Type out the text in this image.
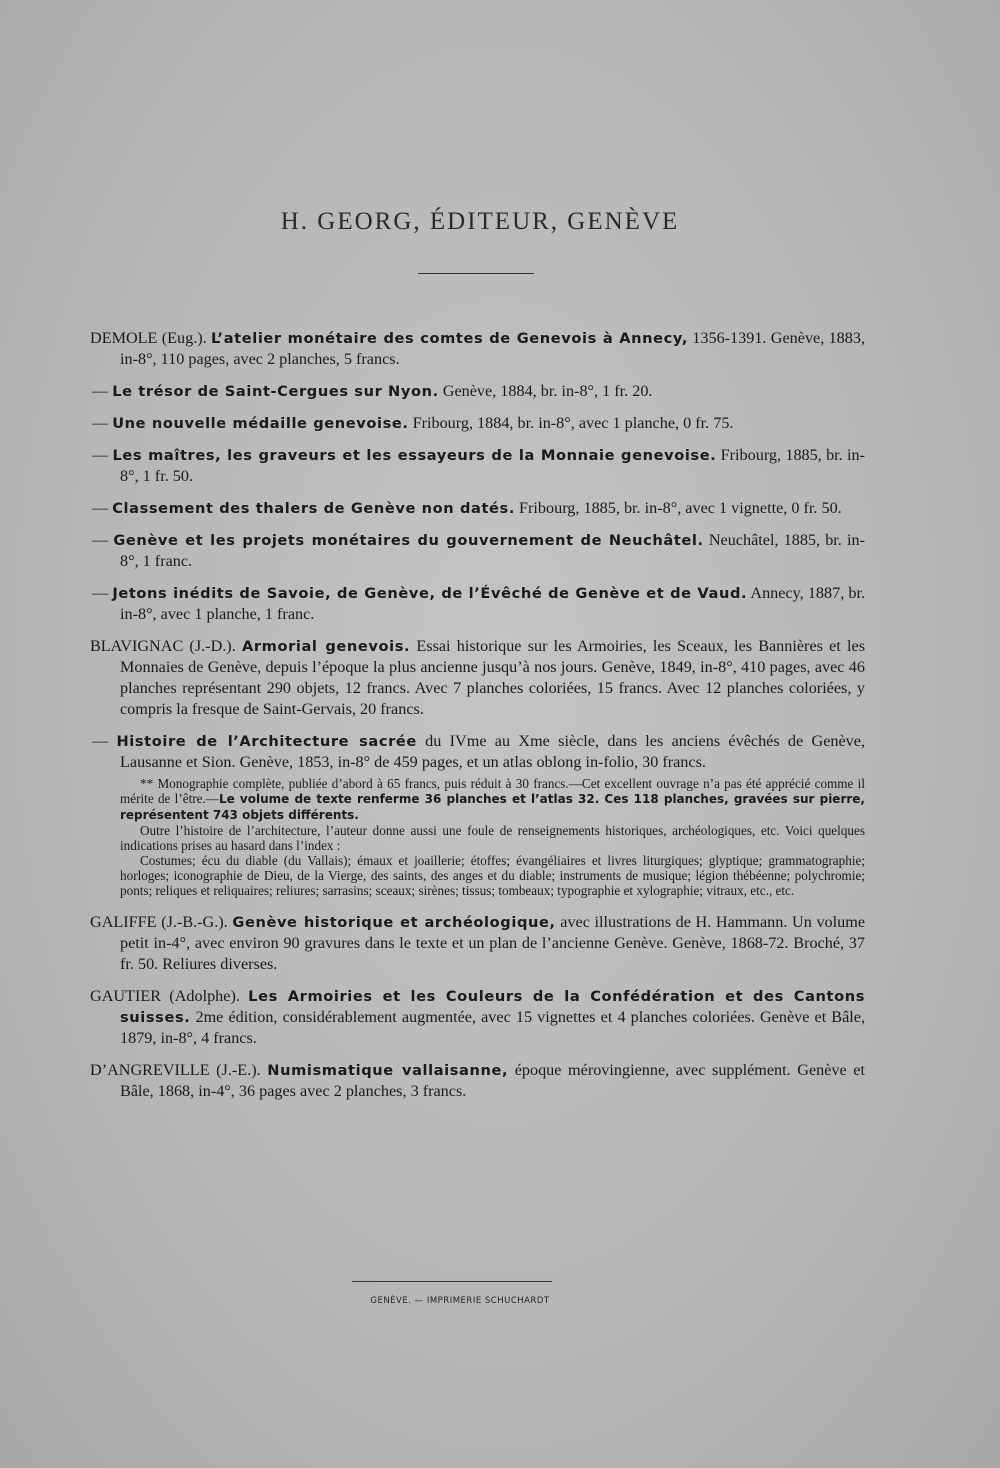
H. GEORG, ÉDITEUR, GENÈVE
DEMOLE (Eug.). L’atelier monétaire des comtes de Genevois à Annecy, 1356-1391. Genève, 1883, in-8°, 110 pages, avec 2 planches, 5 francs.
— Le trésor de Saint-Cergues sur Nyon. Genève, 1884, br. in-8°, 1 fr. 20.
— Une nouvelle médaille genevoise. Fribourg, 1884, br. in-8°, avec 1 planche, 0 fr. 75.
— Les maîtres, les graveurs et les essayeurs de la Monnaie genevoise. Fribourg, 1885, br. in-8°, 1 fr. 50.
— Classement des thalers de Genève non datés. Fribourg, 1885, br. in-8°, avec 1 vignette, 0 fr. 50.
— Genève et les projets monétaires du gouvernement de Neuchâtel. Neuchâtel, 1885, br. in-8°, 1 franc.
— Jetons inédits de Savoie, de Genève, de l’Évêché de Genève et de Vaud. Annecy, 1887, br. in-8°, avec 1 planche, 1 franc.
BLAVIGNAC (J.-D.). Armorial genevois. Essai historique sur les Armoiries, les Sceaux, les Bannières et les Monnaies de Genève, depuis l’époque la plus ancienne jusqu’à nos jours. Genève, 1849, in-8°, 410 pages, avec 46 planches représentant 290 objets, 12 francs. Avec 7 planches coloriées, 15 francs. Avec 12 planches coloriées, y compris la fresque de Saint-Gervais, 20 francs.
— Histoire de l’Architecture sacrée du IVme au Xme siècle, dans les anciens évêchés de Genève, Lausanne et Sion. Genève, 1853, in-8° de 459 pages, et un atlas oblong in-folio, 30 francs.

** Monographie complète, publiée d’abord à 65 francs, puis réduit à 30 francs.—Cet excellent ouvrage n’a pas été apprécié comme il mérite de l’être.—Le volume de texte renferme 36 planches et l’atlas 32. Ces 118 planches, gravées sur pierre, représentent 743 objets différents.

Outre l’histoire de l’architecture, l’auteur donne aussi une foule de renseignements historiques, archéologiques, etc. Voici quelques indications prises au hasard dans l’index :

Costumes; écu du diable (du Vallais); émaux et joaillerie; étoffes; évangéliaires et livres liturgiques; glyptique; grammatographie; horloges; iconographie de Dieu, de la Vierge, des saints, des anges et du diable; instruments de musique; légion thébéenne; polychromie; ponts; reliques et reliquaires; reliures; sarrasins; sceaux; sirènes; tissus; tombeaux; typographie et xylographie; vitraux, etc., etc.

GALIFFE (J.-B.-G.). Genève historique et archéologique, avec illustrations de H. Hammann. Un volume petit in-4°, avec environ 90 gravures dans le texte et un plan de l’ancienne Genève. Genève, 1868-72. Broché, 37 fr. 50. Reliures diverses.
GAUTIER (Adolphe). Les Armoiries et les Couleurs de la Confédération et des Cantons suisses. 2me édition, considérablement augmentée, avec 15 vignettes et 4 planches coloriées. Genève et Bâle, 1879, in-8°, 4 francs.
D’ANGREVILLE (J.-E.). Numismatique vallaisanne, époque mérovingienne, avec supplément. Genève et Bâle, 1868, in-4°, 36 pages avec 2 planches, 3 francs.
GENÈVE. — IMPRIMERIE SCHUCHARDT
